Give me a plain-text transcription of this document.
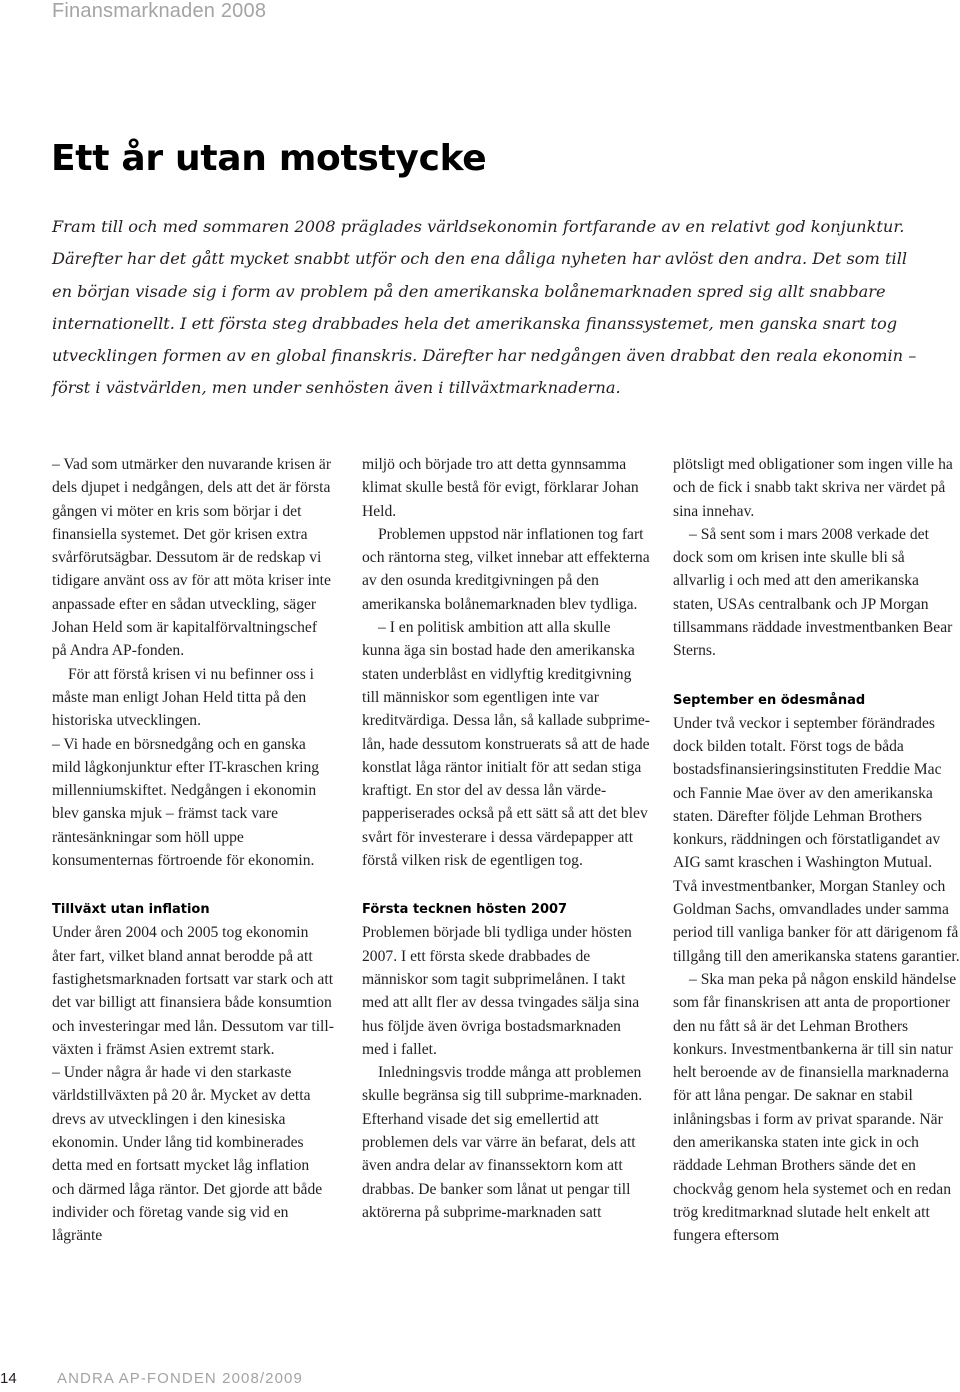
Finansmarknaden 2008
Ett år utan motstycke

Fram till och med sommaren 2008 präglades världsekonomin fortfarande av en relativt god konjunktur. Därefter har det gått mycket snabbt utför och den ena dåliga nyheten har avlöst den andra. Det som till en början visade sig i form av problem på den amerikanska bolånemarknaden spred sig allt snabbare internationellt. I ett första steg drabbades hela det amerikanska finanssystemet, men ganska snart tog utvecklingen formen av en global finanskris. Därefter har nedgången även drabbat den reala ekonomin – först i västvärlden, men under senhösten även i tillväxtmarknaderna.

– Vad som utmärker den nuvarande krisen är dels djupet i nedgången, dels att det är första gången vi möter en kris som börjar i det finansiella systemet. Det gör krisen extra svårförutsägbar. Dessutom är de redskap vi tidigare använt oss av för att möta kriser inte anpassade efter en sådan utveckling, säger Johan Held som är kapitalförvaltningschef på Andra AP-fonden.

För att förstå krisen vi nu befinner oss i måste man enligt Johan Held titta på den historiska utvecklingen.

– Vi hade en börsnedgång och en ganska mild lågkonjunktur efter IT-kraschen kring millenniumskiftet. Nedgången i ekonomin blev ganska mjuk – främst tack vare räntesänkningar som höll uppe konsumenternas förtroende för ekonomin.

Tillväxt utan inflation

Under åren 2004 och 2005 tog ekonomin åter fart, vilket bland annat berodde på att fastighetsmarknaden fortsatt var stark och att det var billigt att finansiera både konsumtion och investeringar med lån. Dessutom var tillväxten i främst Asien extremt stark.

– Under några år hade vi den starkaste världstillväxten på 20 år. Mycket av detta drevs av utvecklingen i den kinesiska ekonomin. Under lång tid kombinerades detta med en fortsatt mycket låg inflation och därmed låga räntor. Det gjorde att både individer och företag vande sig vid en lågränte

miljö och började tro att detta gynnsamma klimat skulle bestå för evigt, förklarar Johan Held.

Problemen uppstod när inflationen tog fart och räntorna steg, vilket innebar att effekterna av den osunda kreditgivningen på den amerikanska bolånemarknaden blev tydliga.

– I en politisk ambition att alla skulle kunna äga sin bostad hade den amerikanska staten underblåst en vidlyftig kreditgivning till människor som egentligen inte var kreditvärdiga. Dessa lån, så kallade subprime-lån, hade dessutom konstruerats så att de hade konstlat låga räntor initialt för att sedan stiga kraftigt. En stor del av dessa lån värdepapperiserades också på ett sätt så att det blev svårt för investerare i dessa värdepapper att förstå vilken risk de egentligen tog.

Första tecknen hösten 2007

Problemen började bli tydliga under hösten 2007. I ett första skede drabbades de människor som tagit subprimelånen. I takt med att allt fler av dessa tvingades sälja sina hus följde även övriga bostadsmarknaden med i fallet.

Inledningsvis trodde många att problemen skulle begränsa sig till subprime-marknaden. Efterhand visade det sig emellertid att problemen dels var värre än befarat, dels att även andra delar av finanssektorn kom att drabbas. De banker som lånat ut pengar till aktörerna på subprime-marknaden satt

plötsligt med obligationer som ingen ville ha och de fick i snabb takt skriva ner värdet på sina innehav.

– Så sent som i mars 2008 verkade det dock som om krisen inte skulle bli så allvarlig i och med att den amerikanska staten, USAs centralbank och JP Morgan tillsammans räddade investmentbanken Bear Sterns.

September en ödesmånad

Under två veckor i september förändrades dock bilden totalt. Först togs de båda bostadsfinansieringsinstituten Freddie Mac och Fannie Mae över av den amerikanska staten. Därefter följde Lehman Brothers konkurs, räddningen och förstatligandet av AIG samt kraschen i Washington Mutual. Två investmentbanker, Morgan Stanley och Goldman Sachs, omvandlades under samma period till vanliga banker för att därigenom få tillgång till den amerikanska statens garantier.

– Ska man peka på någon enskild händelse som får finanskrisen att anta de proportioner den nu fått så är det Lehman Brothers konkurs. Investmentbankerna är till sin natur helt beroende av de finansiella marknaderna för att låna pengar. De saknar en stabil inlåningsbas i form av privat sparande. När den amerikanska staten inte gick in och räddade Lehman Brothers sände det en chockvåg genom hela systemet och en redan trög kreditmarknad slutade helt enkelt att fungera eftersom

14	ANDRA AP-FONDEN 2008/2009
